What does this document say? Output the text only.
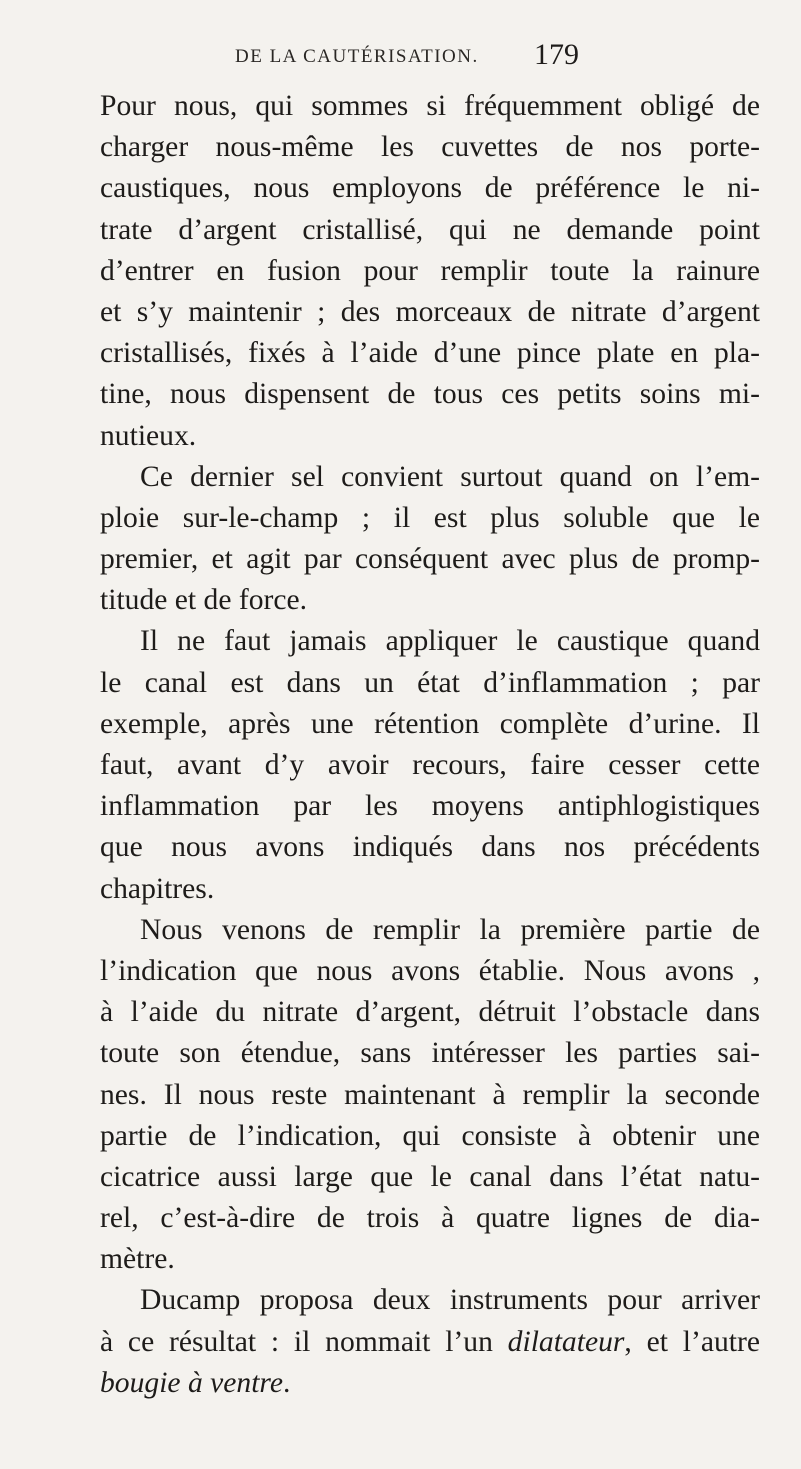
DE LA CAUTÉRISATION. 179
Pour nous, qui sommes si fréquemment obligé de
charger nous-même les cuvettes de nos porte-
caustiques, nous employons de préférence le ni-
trate d’argent cristallisé, qui ne demande point
d’entrer en fusion pour remplir toute la rainure
et s’y maintenir ; des morceaux de nitrate d’argent
cristallisés, fixés à l’aide d’une pince plate en pla-
tine, nous dispensent de tous ces petits soins mi-
nutieux.
Ce dernier sel convient surtout quand on l’em-
ploie sur-le-champ ; il est plus soluble que le
premier, et agit par conséquent avec plus de promp-
titude et de force.
Il ne faut jamais appliquer le caustique quand
le canal est dans un état d’inflammation ; par
exemple, après une rétention complète d’urine. Il
faut, avant d’y avoir recours, faire cesser cette
inflammation par les moyens antiphlogistiques
que nous avons indiqués dans nos précédents
chapitres.
Nous venons de remplir la première partie de
l’indication que nous avons établie. Nous avons ,
à l’aide du nitrate d’argent, détruit l’obstacle dans
toute son étendue, sans intéresser les parties sai-
nes. Il nous reste maintenant à remplir la seconde
partie de l’indication, qui consiste à obtenir une
cicatrice aussi large que le canal dans l’état natu-
rel, c’est-à-dire de trois à quatre lignes de dia-
mètre.
Ducamp proposa deux instruments pour arriver
à ce résultat : il nommait l’un dilatateur, et l’autre
bougie à ventre.
